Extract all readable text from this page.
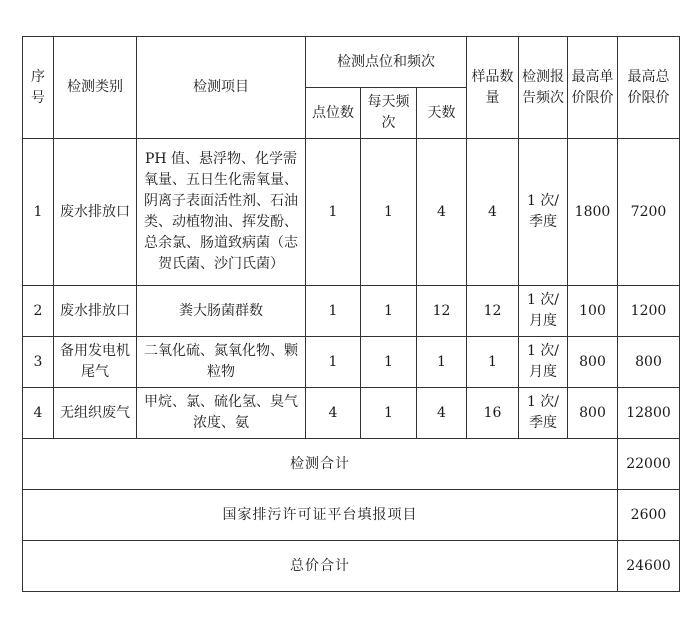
序号	检测类别	检测项目	检测点位和频次			样品数量	检测报告频次	最高单价限价	最高总价限价
			点位数	每天频次	天数				
1	废水排放口	PH 值、悬浮物、化学需氧量、五日生化需氧量、阴离子表面活性剂、石油类、动植物油、挥发酚、总余氯、肠道致病菌（志贺氏菌、沙门氏菌）	1	1	4	4	1 次/季度	1800	7200
2	废水排放口	粪大肠菌群数	1	1	12	12	1 次/月度	100	1200
3	备用发电机尾气	二氧化硫、氮氧化物、颗粒物	1	1	1	1	1 次/月度	800	800
4	无组织废气	甲烷、氯、硫化氢、臭气浓度、氨	4	1	4	16	1 次/季度	800	12800
检测合计									22000
国家排污许可证平台填报项目									2600
总价合计									24600
